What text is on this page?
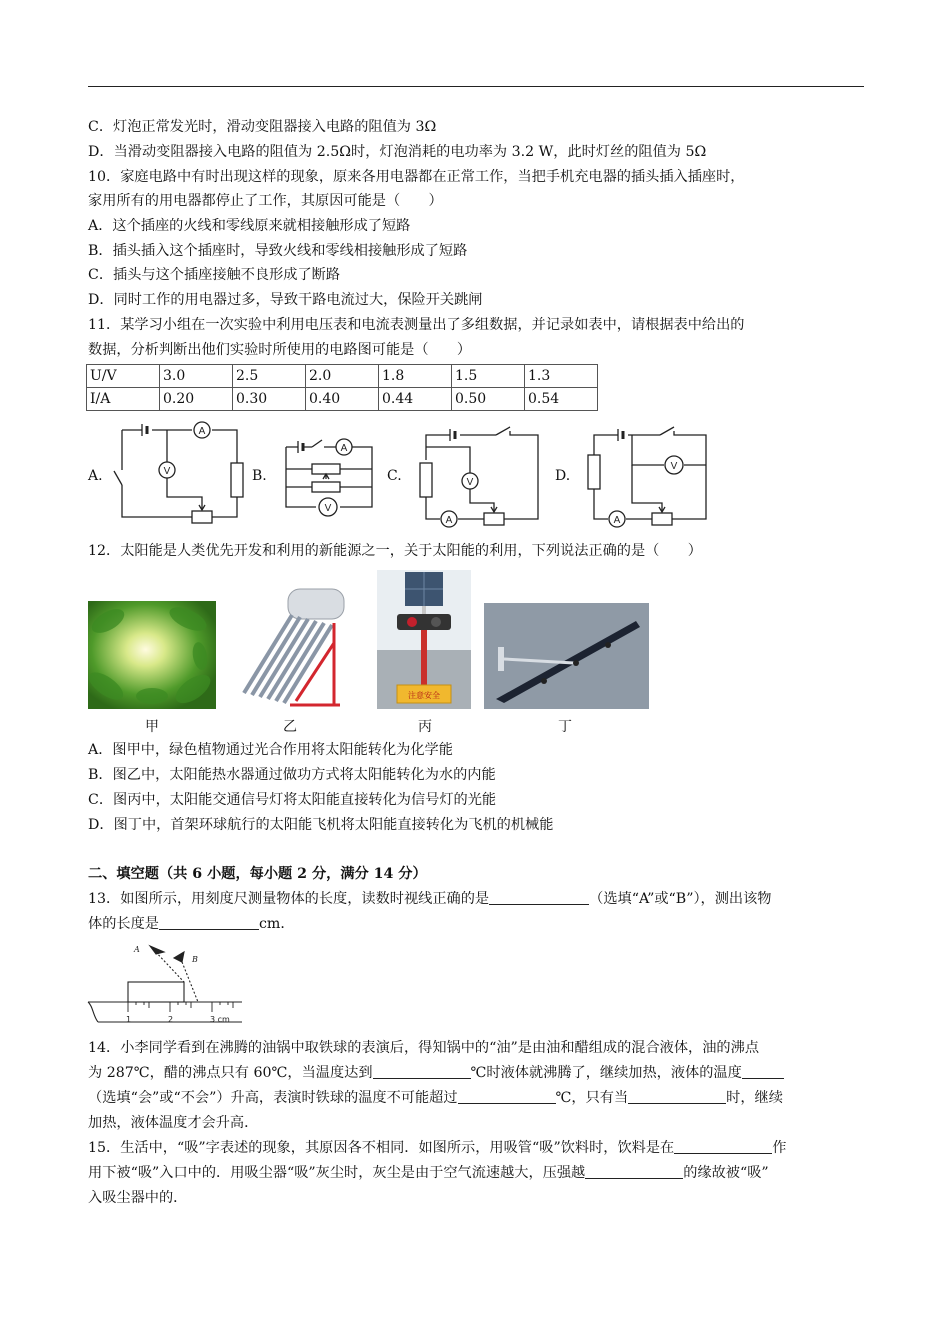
C．灯泡正常发光时，滑动变阻器接入电路的阻值为 3Ω
D．当滑动变阻器接入电路的阻值为 2.5Ω时，灯泡消耗的电功率为 3.2 W，此时灯丝的阻值为 5Ω
10．家庭电路中有时出现这样的现象，原来各用电器都在正常工作，当把手机充电器的插头插入插座时，
家用所有的用电器都停止了工作，其原因可能是（　　）
A．这个插座的火线和零线原来就相接触形成了短路
B．插头插入这个插座时，导致火线和零线相接触形成了短路
C．插头与这个插座接触不良形成了断路
D．同时工作的用电器过多，导致干路电流过大，保险开关跳闸
11．某学习小组在一次实验中利用电压表和电流表测量出了多组数据，并记录如表中，请根据表中给出的
数据，分析判断出他们实验时所使用的电路图可能是（　　）
U/V	3.0	2.5	2.0	1.8	1.5	1.3
I/A	0.20	0.30	0.40	0.44	0.50	0.54
A.	B.	C.	D.
A
V
A
V
A
V
A
V
12．太阳能是人类优先开发和利用的新能源之一，关于太阳能的利用，下列说法正确的是（　　）
甲	乙
注意安全
丙	丁
A．图甲中，绿色植物通过光合作用将太阳能转化为化学能
B．图乙中，太阳能热水器通过做功方式将太阳能转化为水的内能
C．图丙中，太阳能交通信号灯将太阳能直接转化为信号灯的光能
D．图丁中，首架环球航行的太阳能飞机将太阳能直接转化为飞机的机械能
二、填空题（共 6 小题，每小题 2 分，满分 14 分）
13．如图所示，用刻度尺测量物体的长度，读数时视线正确的是	（选填“A”或“B”），测出该物
体的长度是	cm．
A
B
1	2	3 cm
14．小李同学看到在沸腾的油锅中取铁球的表演后，得知锅中的“油”是由油和醋组成的混合液体，油的沸点
为 287℃，醋的沸点只有 60℃，当温度达到	℃时液体就沸腾了，继续加热，液体的温度
（选填“会”或“不会”）升高，表演时铁球的温度不可能超过	℃，只有当	时，继续
加热，液体温度才会升高．
15．生活中，“吸”字表述的现象，其原因各不相同．如图所示，用吸管“吸”饮料时，饮料是在	作
用下被“吸”入口中的．用吸尘器“吸”灰尘时，灰尘是由于空气流速越大，压强越	的缘故被“吸”
入吸尘器中的．
